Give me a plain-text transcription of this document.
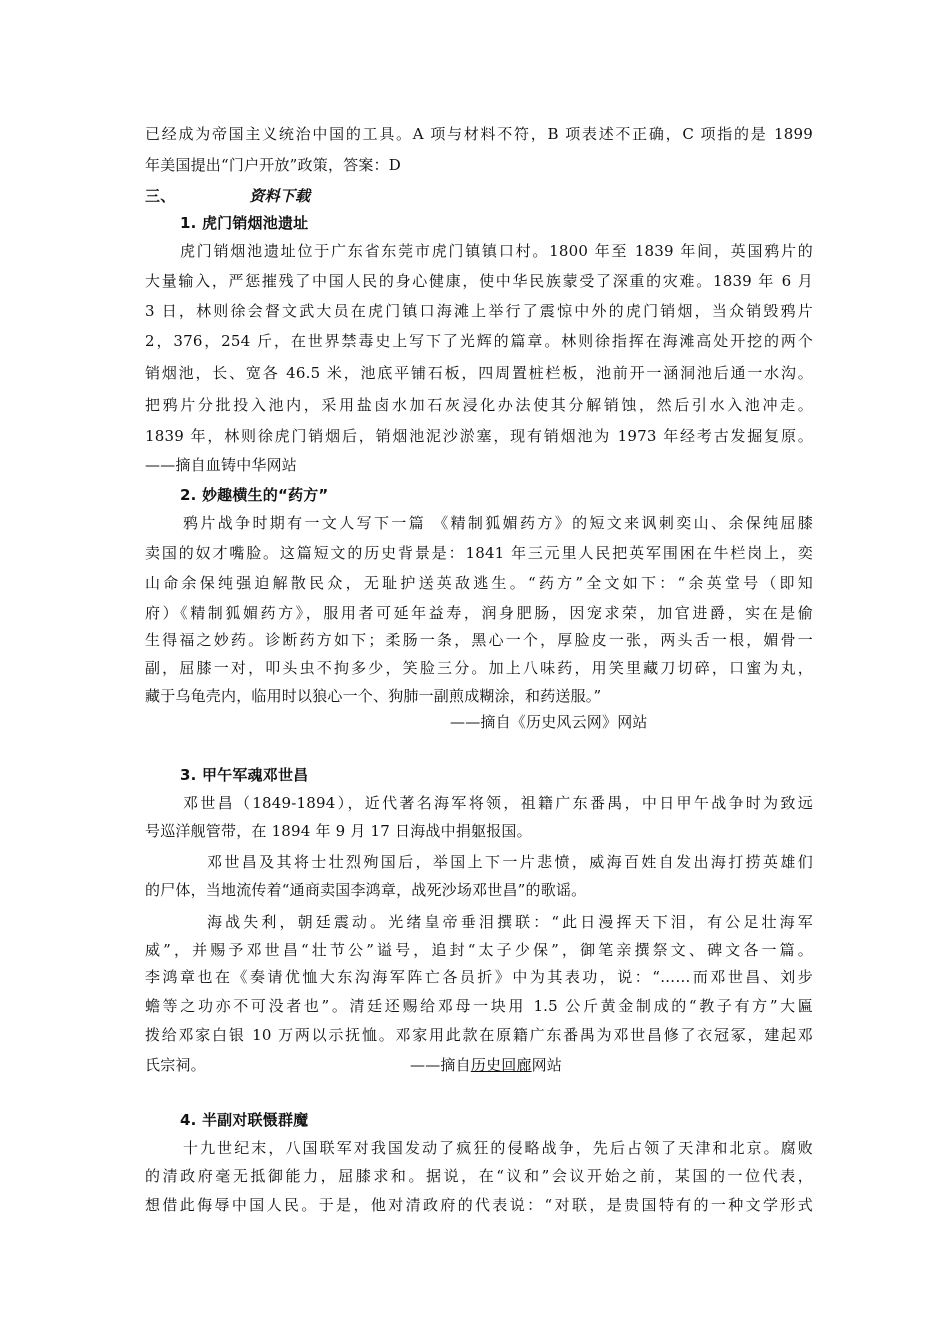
已经成为帝国主义统治中国的工具。A 项与材料不符，B 项表述不正确，C 项指的是 1899
年美国提出“门户开放”政策，答案：D
三、	资料下载
1. 虎门销烟池遗址
虎门销烟池遗址位于广东省东莞市虎门镇镇口村。1800 年至 1839 年间，英国鸦片的
大量输入，严惩摧残了中国人民的身心健康，使中华民族蒙受了深重的灾难。1839 年 6 月
3 日，林则徐会督文武大员在虎门镇口海滩上举行了震惊中外的虎门销烟，当众销毁鸦片
2，376，254 斤，在世界禁毒史上写下了光辉的篇章。林则徐指挥在海滩高处开挖的两个
销烟池，长、宽各 46.5 米，池底平铺石板，四周置桩栏板，池前开一涵洞池后通一水沟。
把鸦片分批投入池内，采用盐卤水加石灰浸化办法使其分解销蚀，然后引水入池冲走。
1839 年，林则徐虎门销烟后，销烟池泥沙淤塞，现有销烟池为 1973 年经考古发掘复原。
——摘自血铸中华网站
2. 妙趣横生的“药方”
鸦片战争时期有一文人写下一篇 《精制狐媚药方》的短文来讽刺奕山、余保纯屈膝
卖国的奴才嘴脸。这篇短文的历史背景是：1841 年三元里人民把英军围困在牛栏岗上，奕
山命余保纯强迫解散民众，无耻护送英敌逃生。“药方”全文如下：“余英堂号（即知
府）《精制狐媚药方》，服用者可延年益寿，润身肥肠，因宠求荣，加官进爵，实在是偷
生得福之妙药。诊断药方如下；柔肠一条，黑心一个，厚脸皮一张，两头舌一根，媚骨一
副，屈膝一对，叩头虫不拘多少，笑脸三分。加上八味药，用笑里藏刀切碎，口蜜为丸，
藏于乌龟壳内，临用时以狼心一个、狗肺一副煎成糊涂，和药送服。”
——摘自《历史风云网》网站
3. 甲午军魂邓世昌
邓世昌（1849-1894），近代著名海军将领，祖籍广东番禺，中日甲午战争时为致远
号巡洋舰管带，在 1894 年 9 月 17 日海战中捐躯报国。
邓世昌及其将士壮烈殉国后，举国上下一片悲愤，威海百姓自发出海打捞英雄们
的尸体，当地流传着“通商卖国李鸿章，战死沙场邓世昌”的歌谣。
海战失利，朝廷震动。光绪皇帝垂泪撰联：“此日漫挥天下泪，有公足壮海军
威”，并赐予邓世昌“壮节公”谥号，追封“太子少保”，御笔亲撰祭文、碑文各一篇。
李鸿章也在《奏请优恤大东沟海军阵亡各员折》中为其表功，说：“……而邓世昌、刘步
蟾等之功亦不可没者也”。清廷还赐给邓母一块用 1.5 公斤黄金制成的“教子有方”大匾
拨给邓家白银 10 万两以示抚恤。邓家用此款在原籍广东番禺为邓世昌修了衣冠冢，建起邓
氏宗祠。	——摘自历史回廊网站
4. 半副对联慑群魔
十九世纪末，八国联军对我国发动了疯狂的侵略战争，先后占领了天津和北京。腐败
的清政府毫无抵御能力，屈膝求和。据说，在“议和”会议开始之前，某国的一位代表，
想借此侮辱中国人民。于是，他对清政府的代表说：“对联，是贵国特有的一种文学形式
